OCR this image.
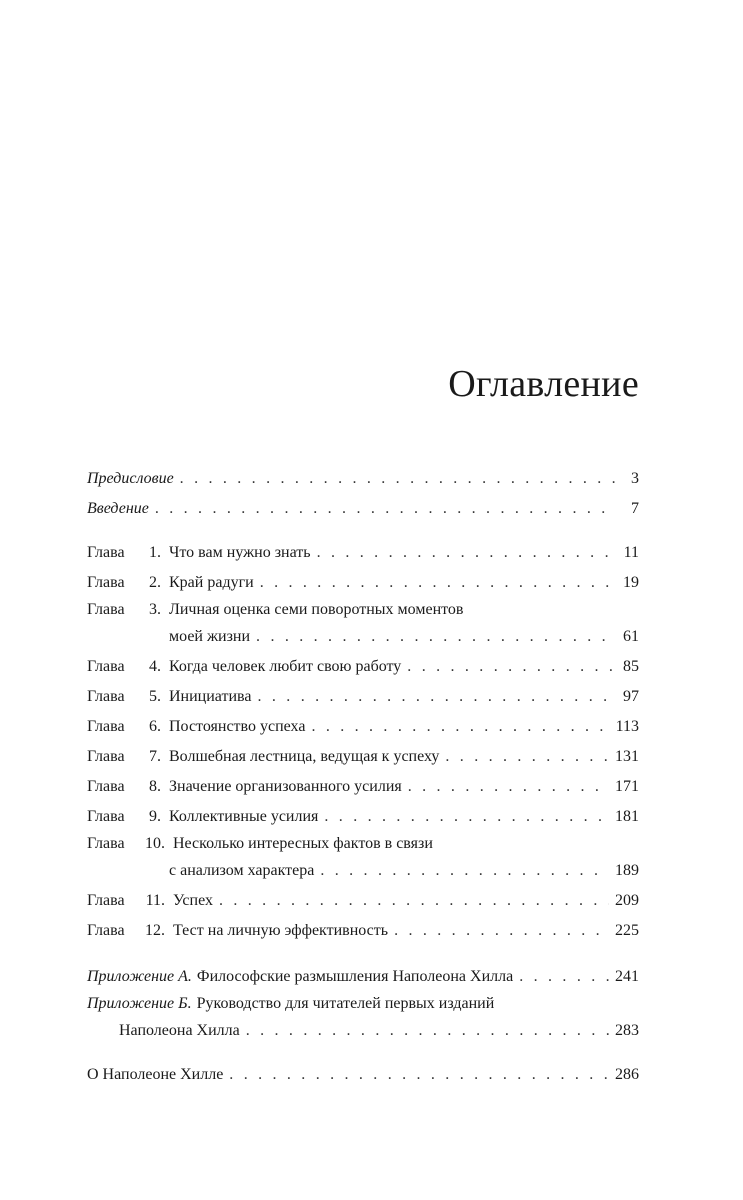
Оглавление
Предисловие . . .	3
Введение . . .	7
Глава	1. Что вам нужно знать . . .	11
Глава	2. Край радуги . . .	19
Глава	3. Личная оценка семи поворотных моментов
моей жизни . . .	61
Глава	4. Когда человек любит свою работу . . .	85
Глава	5. Инициатива . . .	97
Глава	6. Постоянство успеха . . .	113
Глава	7. Волшебная лестница, ведущая к успеху . . .	131
Глава	8. Значение организованного усилия . . .	171
Глава	9. Коллективные усилия . . .	181
Глава	10. Несколько интересных фактов в связи
с анализом характера . . .	189
Глава	11. Успех . . .	209
Глава	12. Тест на личную эффективность . . .	225
Приложение А. Философские размышления Наполеона Хилла . . .	241
Приложение Б. Руководство для читателей первых изданий
Наполеона Хилла . . .	283
О Наполеоне Хилле . . .	286
